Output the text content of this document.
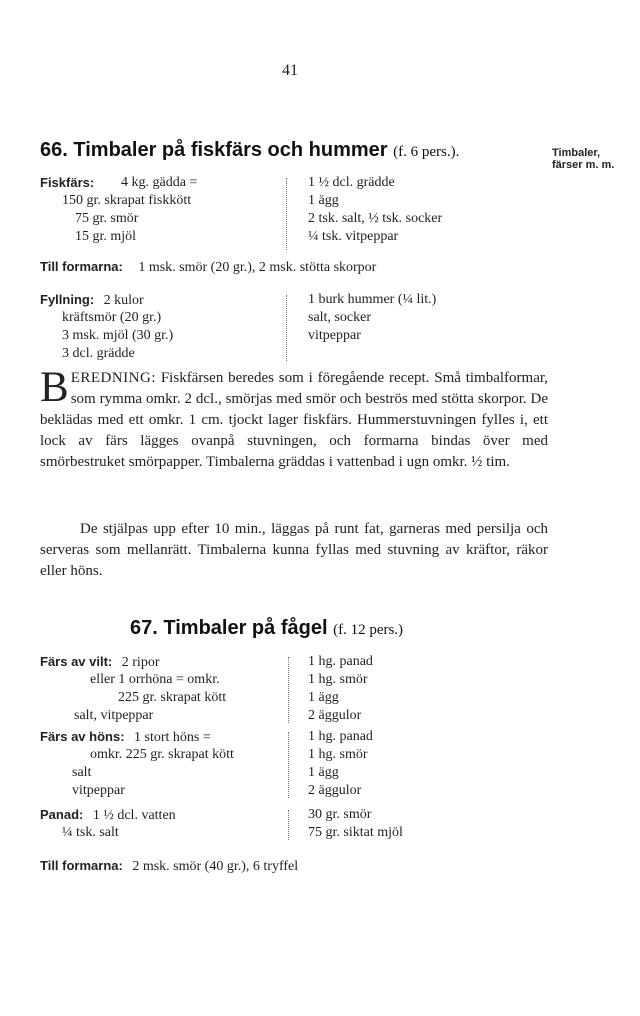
41
66. Timbaler på fiskfärs och hummer (f. 6 pers.).	Timbaler,
färser m. m.
Fiskfärs: 4 kg. gädda =
150 gr. skrapat fiskkött
75 gr. smör
15 gr. mjöl
1 ½ dcl. grädde
1 ägg
2 tsk. salt, ½ tsk. socker
¼ tsk. vitpeppar
Till formarna: 1 msk. smör (20 gr.), 2 msk. stötta skorpor
Fyllning: 2 kulor
kräftsmör (20 gr.)
3 msk. mjöl (30 gr.)
3 dcl. grädde
1 burk hummer (¼ lit.)
salt, socker
vitpeppar
BEREDNING: Fiskfärsen beredes som i föregående recept. Små timbalformar, som rymma omkr. 2 dcl., smörjas med smör och beströs med stötta skorpor. De beklädas med ett omkr. 1 cm. tjockt lager fiskfärs. Hummerstuvningen fylles i, ett lock av färs lägges ovanpå stuvningen, och formarna bindas över med smörbestruket smörpapper. Timbalerna gräddas i vattenbad i ugn omkr. ½ tim.
De stjälpas upp efter 10 min., läggas på runt fat, garneras med persilja och serveras som mellanrätt. Timbalerna kunna fyllas med stuvning av kräftor, räkor eller höns.
67. Timbaler på fågel (f. 12 pers.)
Färs av vilt: 2 ripor
eller 1 orrhöna = omkr.
225 gr. skrapat kött
salt, vitpeppar
1 hg. panad
1 hg. smör
1 ägg
2 äggulor
Färs av höns: 1 stort höns =
omkr. 225 gr. skrapat kött
salt
vitpeppar
1 hg. panad
1 hg. smör
1 ägg
2 äggulor
Panad: 1 ½ dcl. vatten
¼ tsk. salt
30 gr. smör
75 gr. siktat mjöl
Till formarna: 2 msk. smör (40 gr.), 6 tryffel
